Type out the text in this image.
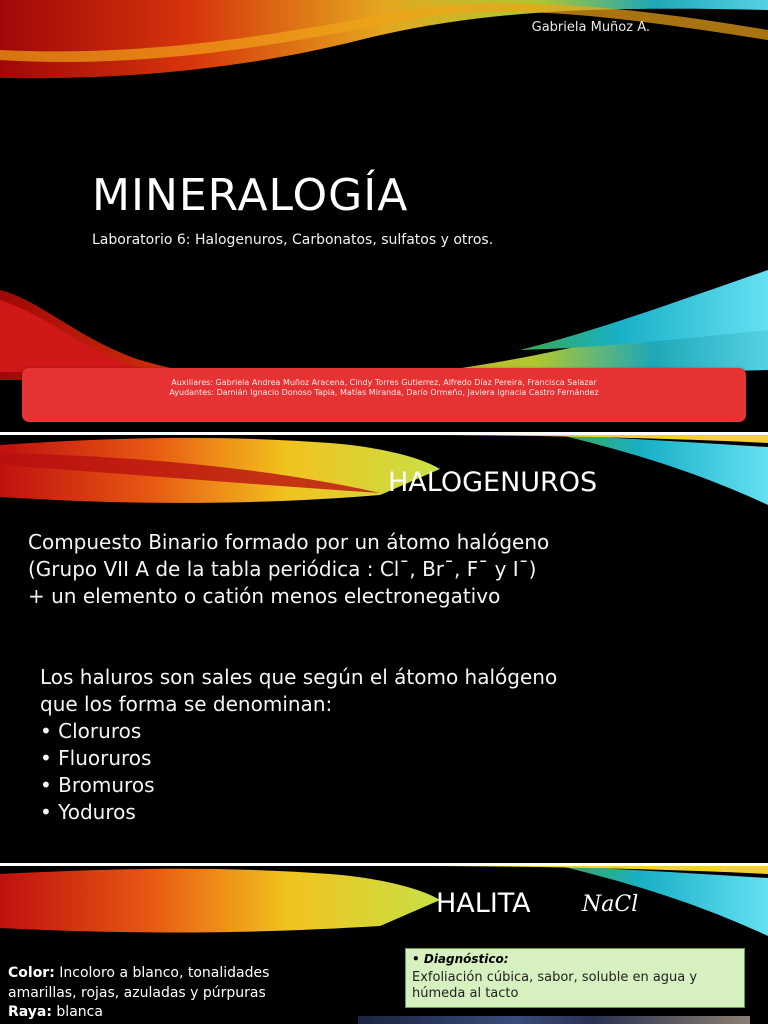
Gabriela Muñoz A.
MINERALOGÍA
Laboratorio 6: Halogenuros, Carbonatos, sulfatos y otros.
Auxiliares: Gabriela Andrea Muñoz Aracena, Cindy Torres Gutierrez, Alfredo Díaz Pereira, Francisca Salazar
Ayudantes: Damián Ignacio Donoso Tapia, Matías Miranda, Darío Ormeño, Javiera Ignacia Castro Fernández
HALOGENUROS
Compuesto Binario formado por un átomo halógeno
(Grupo VII A de la tabla periódica : Cl¯, Br¯, F¯ y I¯)
+ un elemento o catión menos electronegativo
Los haluros son sales que según el átomo halógeno
que los forma se denominan:
• Cloruros
• Fluoruros
• Bromuros
• Yoduros
HALITA NaCl
• Diagnóstico:
Exfoliación cúbica, sabor, soluble en agua y húmeda al tacto
Color: Incoloro a blanco, tonalidades
amarillas, rojas, azuladas y púrpuras
Raya: blanca
